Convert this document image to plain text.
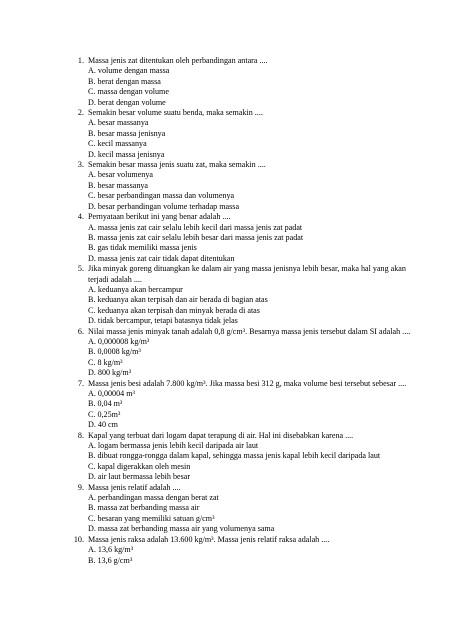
1. Massa jenis zat ditentukan oleh perbandingan antara ....
A. volume dengan massa
B. berat dengan massa
C. massa dengan volume
D. berat dengan volume
2. Semakin besar volume suatu benda, maka semakin ....
A. besar massanya
B. besar massa jenisnya
C. kecil massanya
D. kecil massa jenisnya
3. Semakin besar massa jenis suatu zat, maka semakin ....
A. besar volumenya
B. besar massanya
C. besar perbandingan massa dan volumenya
D. besar perbandingan volume terhadap massa
4. Pernyataan berikut ini yang benar adalah ....
A. massa jenis zat cair selalu lebih kecil dari massa jenis zat padat
B. massa jenis zat cair selalu lebih besar dari massa jenis zat padat
B. gas tidak memiliki massa jenis
D. massa jenis zat cair tidak dapat ditentukan
5. Jika minyak goreng dituangkan ke dalam air yang massa jenisnya lebih besar, maka hal yang akan terjadi adalah ....
A. keduanya akan bercampur
B. keduanya akan terpisah dan air berada di bagian atas
C. keduanya akan terpisah dan minyak berada di atas
D. tidak bercampur, tetapi batasnya tidak jelas
6. Nilai massa jenis minyak tanah adalah 0,8 g/cm³. Besarnya massa jenis tersebut dalam SI adalah ....
A. 0,000008 kg/m³
B. 0,0008 kg/m³
C. 8 kg/m³
D. 800 kg/m³
7. Massa jenis besi adalah 7.800 kg/m³. Jika massa besi 312 g, maka volume besi tersebut sebesar ....
A. 0,00004 m³
B. 0,04 m³
C. 0,25m³
D. 40 cm
8. Kapal yang terbuat dari logam dapat terapung di air. Hal ini disebabkan karena ....
A. logam bermassa jenis lebih kecil daripada air laut
B. dibuat rongga-rongga dalam kapal, sehingga massa jenis kapal lebih kecil daripada laut
C. kapal digerakkan oleh mesin
D. air laut bermassa lebih besar
9. Massa jenis relatif adalah ....
A. perbandingan massa dengan berat zat
B. massa zat berbanding massa air
C. besaran yang memiliki satuan g/cm³
D. massa zat berbanding massa air yang volumenya sama
10. Massa jenis raksa adalah 13.600 kg/m³. Massa jenis relatif raksa adalah ....
A. 13,6 kg/m³
B. 13,6 g/cm³
